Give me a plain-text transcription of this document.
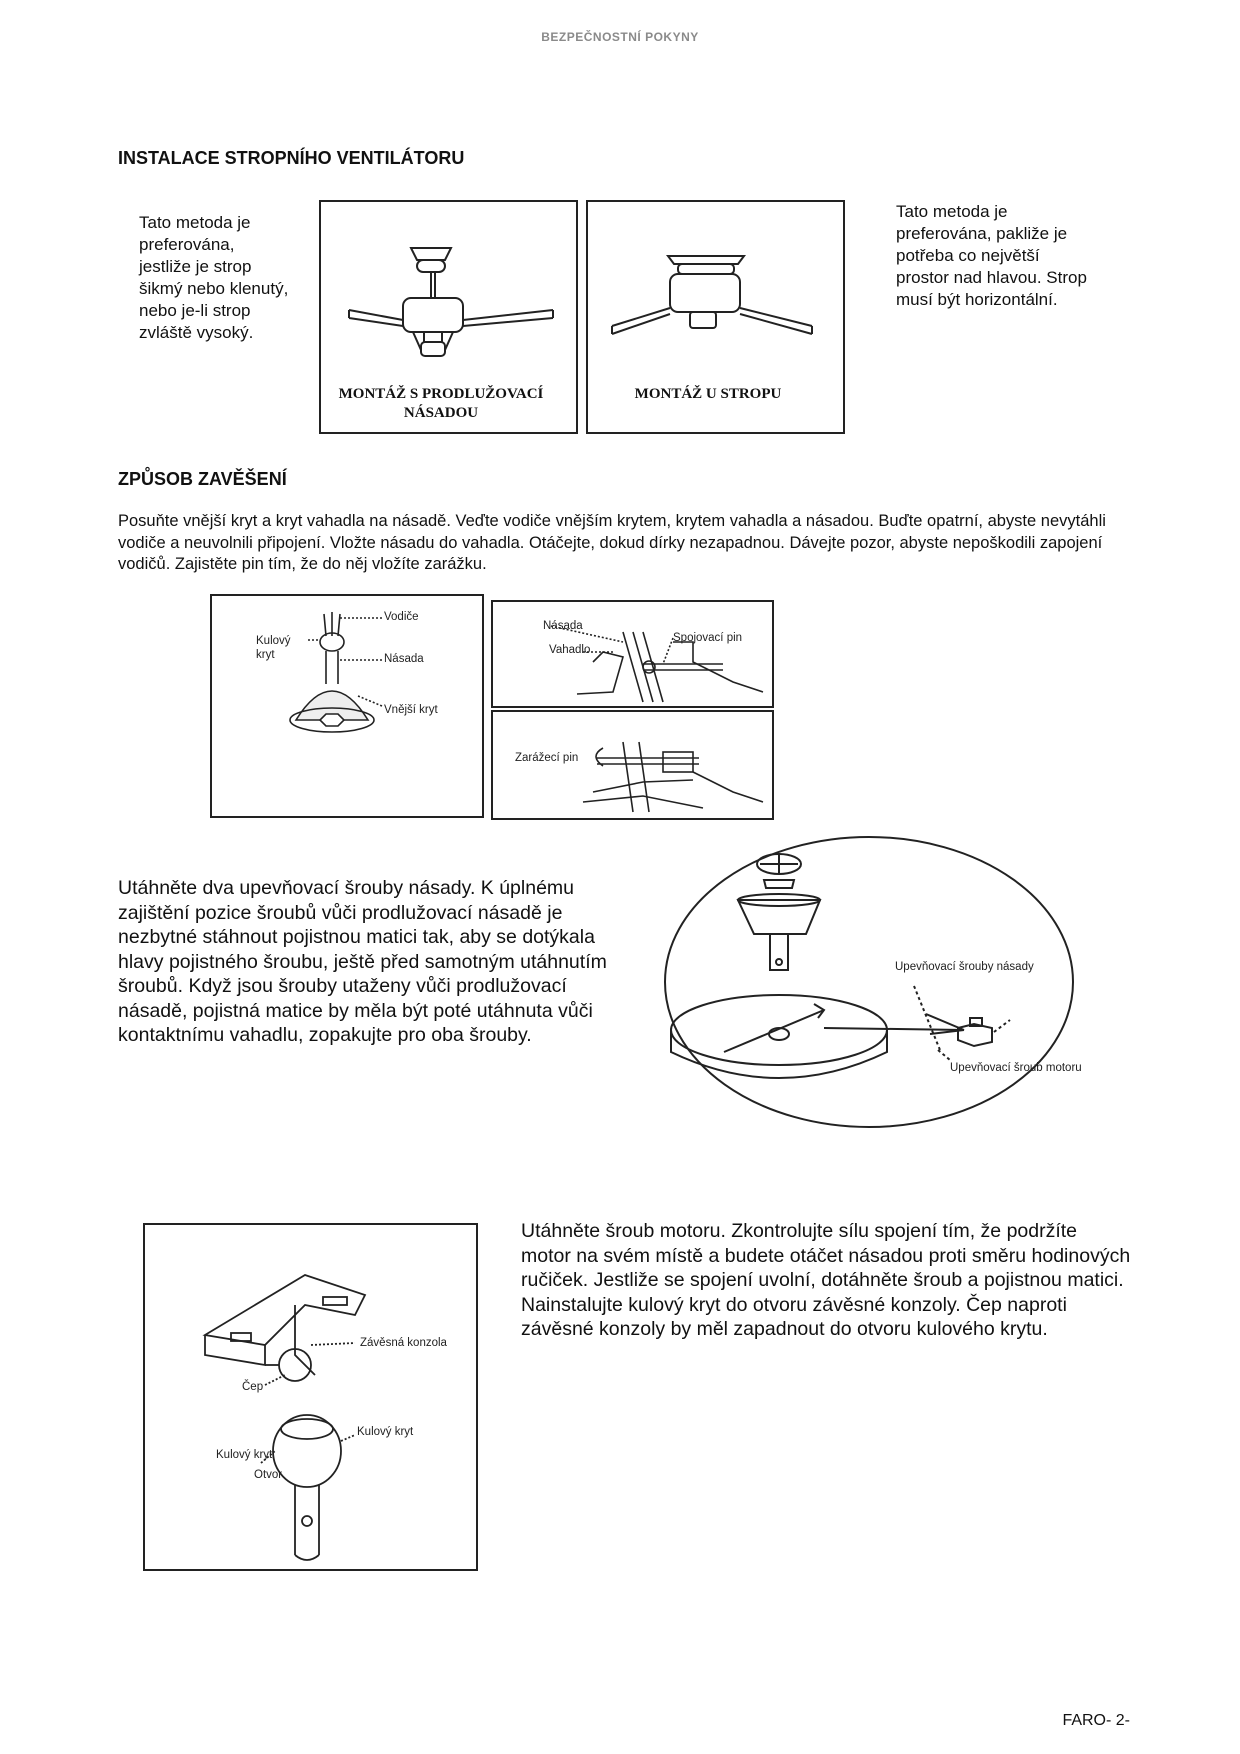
BEZPEČNOSTNÍ POKYNY
INSTALACE STROPNÍHO VENTILÁTORU
Tato metoda je preferována, jestliže je strop šikmý nebo klenutý, nebo je-li strop zvláště vysoký.
MONTÁŽ S PRODLUŽOVACÍ NÁSADOU
MONTÁŽ U STROPU
Tato metoda je preferována, pakliže je potřeba co největší prostor nad hlavou. Strop musí být horizontální.
ZPŮSOB ZAVĚŠENÍ
Posuňte vnější kryt a kryt vahadla na násadě. Veďte vodiče vnějším krytem, krytem vahadla a násadou. Buďte opatrní, abyste nevytáhli vodiče a neuvolnili připojení. Vložte násadu do vahadla. Otáčejte, dokud dírky nezapadnou. Dávejte pozor, abyste nepoškodili zapojení vodičů. Zajistěte pin tím, že do něj vložíte zarážku.
Vodiče
Kulový kryt	Násada
Vnější kryt
Násada
Vahadlo
Spojovací pin
Zarážecí pin
Utáhněte dva upevňovací šrouby násady. K úplnému zajištění pozice šroubů vůči prodlužovací násadě je nezbytné stáhnout pojistnou matici tak, aby se dotýkala hlavy pojistného šroubu, ještě před samotným utáhnutím šroubů. Když jsou šrouby utaženy vůči prodlužovací násadě, pojistná matice by měla být poté utáhnuta vůči kontaktnímu vahadlu, zopakujte pro oba šrouby.
Upevňovací šrouby násady
Upevňovací šroub motoru
Závěsná konzola
Čep
Kulový kryt
Kulový kryt
Otvor
Utáhněte šroub motoru. Zkontrolujte sílu spojení tím, že podržíte motor na svém místě a budete otáčet násadou proti směru hodinových ručiček. Jestliže se spojení uvolní, dotáhněte šroub a pojistnou matici. Nainstalujte kulový kryt do otvoru závěsné konzoly. Čep naproti závěsné konzoly by měl zapadnout do otvoru kulového krytu.
FARO- 2-
